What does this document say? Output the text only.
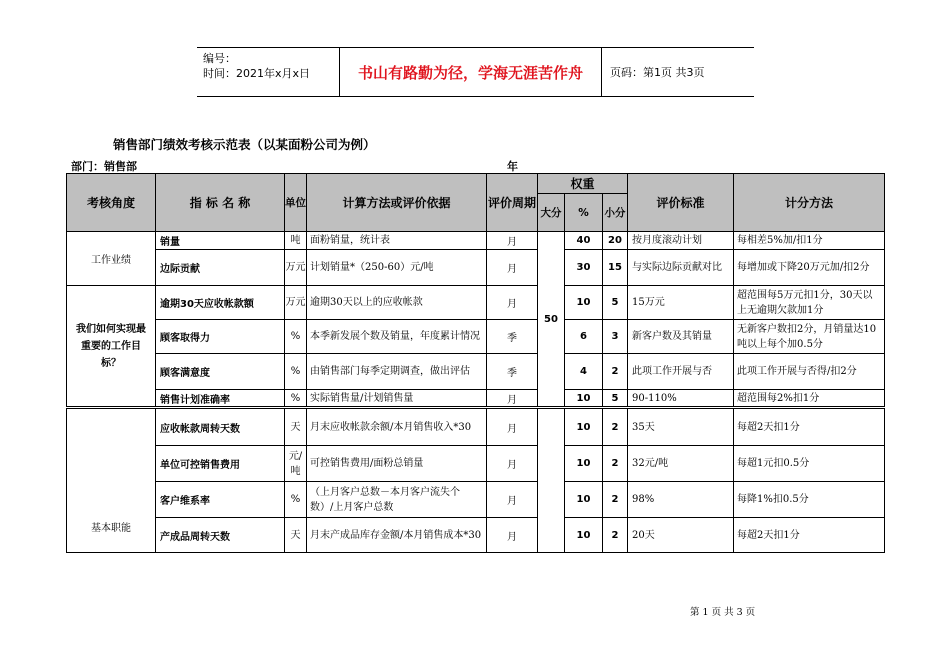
编号：
时间：2021年x月x日	书山有路勤为径，学海无涯苦作舟	页码：第1页 共3页
销售部门绩效考核示范表（以某面粉公司为例）
部门：销售部	年
考核角度	指 标 名 称	单位	计算方法或评价依据	评价周期	权重			评价标准	计分方法
					大分	%	小分		
工作业绩	销量	吨	面粉销量，统计表	月	50	40	20	按月度滚动计划	每相差5%加/扣1分
	边际贡献	万元	计划销量*（250-60）元/吨	月		30	15	与实际边际贡献对比	每增加或下降20万元加/扣2分

我们如何实现最重要的工作目标？	逾期30天应收帐款额	万元	逾期30天以上的应收帐款	月		10	5	15万元	超范围每5万元扣1分，30天以上无逾期欠款加1分
	顾客取得力	%	本季新发展个数及销量，年度累计情况	季		6	3	新客户数及其销量	无新客户数扣2分，月销量达10吨以上每个加0.5分
	顾客满意度	%	由销售部门每季定期调查，做出评估	季		4	2	此项工作开展与否	此项工作开展与否得/扣2分
	销售计划准确率	%	实际销售量/计划销售量	月		10	5	90-110%	超范围每2%扣1分
基本职能	应收帐款周转天数	天	月末应收帐款余额/本月销售收入*30	月		10	2	35天	每超2天扣1分
	单位可控销售费用	元/吨	可控销售费用/面粉总销量	月		10	2	32元/吨	每超1元扣0.5分
	客户维系率	%	（上月客户总数－本月客户流失个数）/上月客户总数	月		10	2	98%	每降1%扣0.5分
	产成品周转天数	天	月末产成品库存金额/本月销售成本*30	月		10	2	20天	每超2天扣1分
第 1 页 共 3 页
